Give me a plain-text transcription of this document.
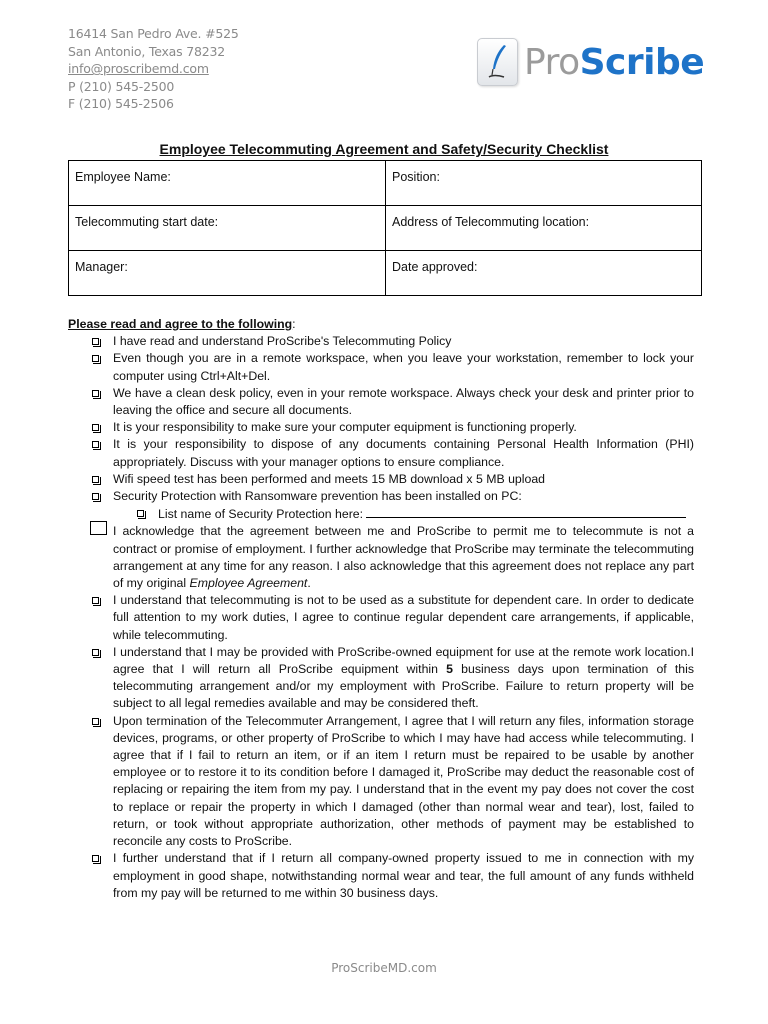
16414 San Pedro Ave. #525
San Antonio, Texas 78232
info@proscribemd.com
P (210) 545-2500
F (210) 545-2506
ProScribe
Employee Telecommuting Agreement and Safety/Security Checklist
Employee Name:	Position:
Telecommuting start date:	Address of Telecommuting location:
Manager:	Date approved:

Please read and agree to the following:

I have read and understand ProScribe's Telecommuting Policy
Even though you are in a remote workspace, when you leave your workstation, remember to lock your computer using Ctrl+Alt+Del.
We have a clean desk policy, even in your remote workspace. Always check your desk and printer prior to leaving the office and secure all documents.
It is your responsibility to make sure your computer equipment is functioning properly.
It is your responsibility to dispose of any documents containing Personal Health Information (PHI) appropriately. Discuss with your manager options to ensure compliance.
Wifi speed test has been performed and meets 15 MB download x 5 MB upload
Security Protection with Ransomware prevention has been installed on PC:
List name of Security Protection here:
I acknowledge that the agreement between me and ProScribe to permit me to telecommute is not a contract or promise of employment. I further acknowledge that ProScribe may terminate the telecommuting arrangement at any time for any reason. I also acknowledge that this agreement does not replace any part of my original Employee Agreement.
I understand that telecommuting is not to be used as a substitute for dependent care. In order to dedicate full attention to my work duties, I agree to continue regular dependent care arrangements, if applicable, while telecommuting.
I understand that I may be provided with ProScribe-owned equipment for use at the remote work location.I agree that I will return all ProScribe equipment within 5 business days upon termination of this telecommuting arrangement and/or my employment with ProScribe. Failure to return property will be subject to all legal remedies available and may be considered theft.
Upon termination of the Telecommuter Arrangement, I agree that I will return any files, information storage devices, programs, or other property of ProScribe to which I may have had access while telecommuting. I agree that if I fail to return an item, or if an item I return must be repaired to be usable by another employee or to restore it to its condition before I damaged it, ProScribe may deduct the reasonable cost of replacing or repairing the item from my pay. I understand that in the event my pay does not cover the cost to replace or repair the property in which I damaged (other than normal wear and tear), lost, failed to return, or took without appropriate authorization, other methods of payment may be established to reconcile any costs to ProScribe.
I further understand that if I return all company-owned property issued to me in connection with my employment in good shape, notwithstanding normal wear and tear, the full amount of any funds withheld from my pay will be returned to me within 30 business days.
ProScribeMD.com
